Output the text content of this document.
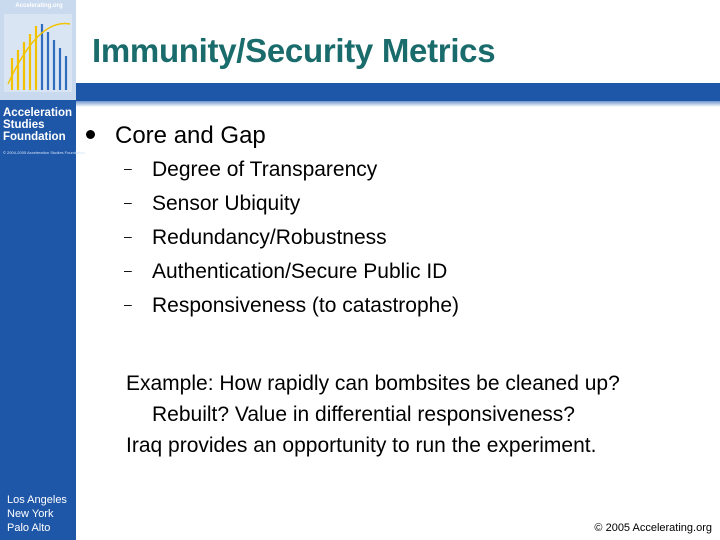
Accelerating.org
Acceleration
Studies
Foundation
© 2004-2005 Acceleration Studies Foundation
Los Angeles
New York
Palo Alto
Immunity/Security Metrics
Core and Gap
– Degree of Transparency
– Sensor Ubiquity
– Redundancy/Robustness
– Authentication/Secure Public ID
– Responsiveness (to catastrophe)

Example: How rapidly can bombsites be cleaned up?

Rebuilt? Value in differential responsiveness?

Iraq provides an opportunity to run the experiment.

© 2005 Accelerating.org
